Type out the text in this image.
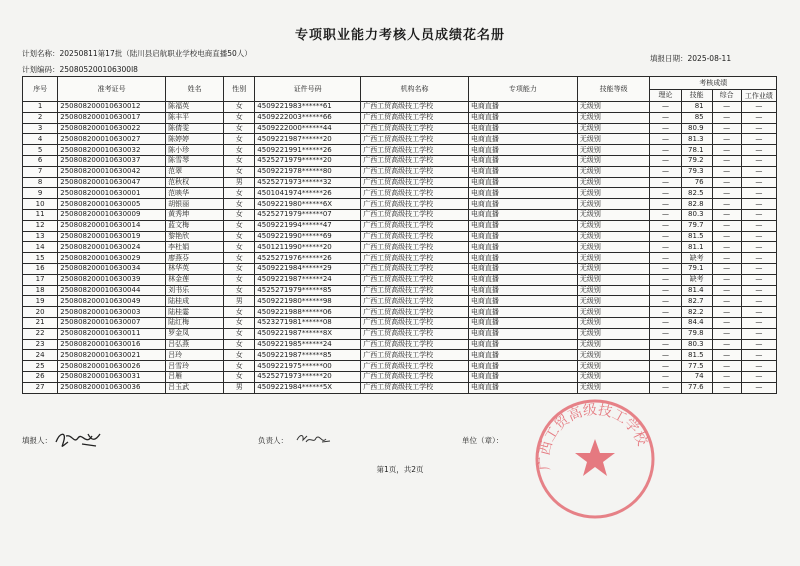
专项职业能力考核人员成绩花名册
计划名称：20250811第17批（陆川县启航职业学校电商直播50人）
填报日期：2025-08-11
计划编码：250805200106300l8
序号	准考证号	姓名	性别	证件号码	机构名称	专项能力	技能等级	考核成绩			
								理论	技能	综合	工作业绩
1	250808200010630012	陈福英	女	4509221983******61	广西工贸高级技工学校	电商直播	无级别	—	81	—	—
2	250808200010630017	陈丰平	女	4509222003******66	广西工贸高级技工学校	电商直播	无级别	—	85	—	—
3	250808200010630022	陈倩雯	女	4509222000******44	广西工贸高级技工学校	电商直播	无级别	—	80.9	—	—
4	250808200010630027	陈婷婷	女	4509221987******20	广西工贸高级技工学校	电商直播	无级别	—	81.3	—	—
5	250808200010630032	陈小珍	女	4509221991******26	广西工贸高级技工学校	电商直播	无级别	—	78.1	—	—
6	250808200010630037	陈雪琴	女	4525271979******20	广西工贸高级技工学校	电商直播	无级别	—	79.2	—	—
7	250808200010630042	范翠	女	4509221978******80	广西工贸高级技工学校	电商直播	无级别	—	79.3	—	—
8	250808200010630047	范秋权	男	4525271973******32	广西工贸高级技工学校	电商直播	无级别	—	76	—	—
9	250808200010630001	范映华	女	4501041974******26	广西工贸高级技工学校	电商直播	无级别	—	82.5	—	—
10	250808200010630005	胡银丽	女	4509221980******6X	广西工贸高级技工学校	电商直播	无级别	—	82.8	—	—
11	250808200010630009	黄秀坤	女	4525271979******07	广西工贸高级技工学校	电商直播	无级别	—	80.3	—	—
12	250808200010630014	蓝文梅	女	4509221994******47	广西工贸高级技工学校	电商直播	无级别	—	79.7	—	—
13	250808200010630019	黎艳欣	女	4509221990******69	广西工贸高级技工学校	电商直播	无级别	—	81.5	—	—
14	250808200010630024	李杜娟	女	4501211990******20	广西工贸高级技工学校	电商直播	无级别	—	81.1	—	—
15	250808200010630029	廖燕芬	女	4525271976******26	广西工贸高级技工学校	电商直播	无级别	—	缺考	—	—
16	250808200010630034	林华英	女	4509221984******29	广西工贸高级技工学校	电商直播	无级别	—	79.1	—	—
17	250808200010630039	林金莲	女	4509221987******24	广西工贸高级技工学校	电商直播	无级别	—	缺考	—	—
18	250808200010630044	刘书乐	女	4525271979******85	广西工贸高级技工学校	电商直播	无级别	—	81.4	—	—
19	250808200010630049	陆桂成	男	4509221980******98	广西工贸高级技工学校	电商直播	无级别	—	82.7	—	—
20	250808200010630003	陆桂霎	女	4509221988******06	广西工贸高级技工学校	电商直播	无级别	—	82.2	—	—
21	250808200010630007	陆红梅	女	4523271981******08	广西工贸高级技工学校	电商直播	无级别	—	84.4	—	—
22	250808200010630011	罗金凤	女	4509221987******8X	广西工贸高级技工学校	电商直播	无级别	—	79.8	—	—
23	250808200010630016	吕弘燕	女	4509221985******24	广西工贸高级技工学校	电商直播	无级别	—	80.3	—	—
24	250808200010630021	吕玲	女	4509221987******85	广西工贸高级技工学校	电商直播	无级别	—	81.5	—	—
25	250808200010630026	吕雪玲	女	4509221975******00	广西工贸高级技工学校	电商直播	无级别	—	77.5	—	—
26	250808200010630031	吕雁	女	4525271973******20	广西工贸高级技工学校	电商直播	无级别	—	74	—	—
27	250808200010630036	吕玉武	男	4509221984******5X	广西工贸高级技工学校	电商直播	无级别	—	77.6	—	—
填报人：	负责人：	单位（章）：
广西工贸高级技工学校
第1页，共2页
